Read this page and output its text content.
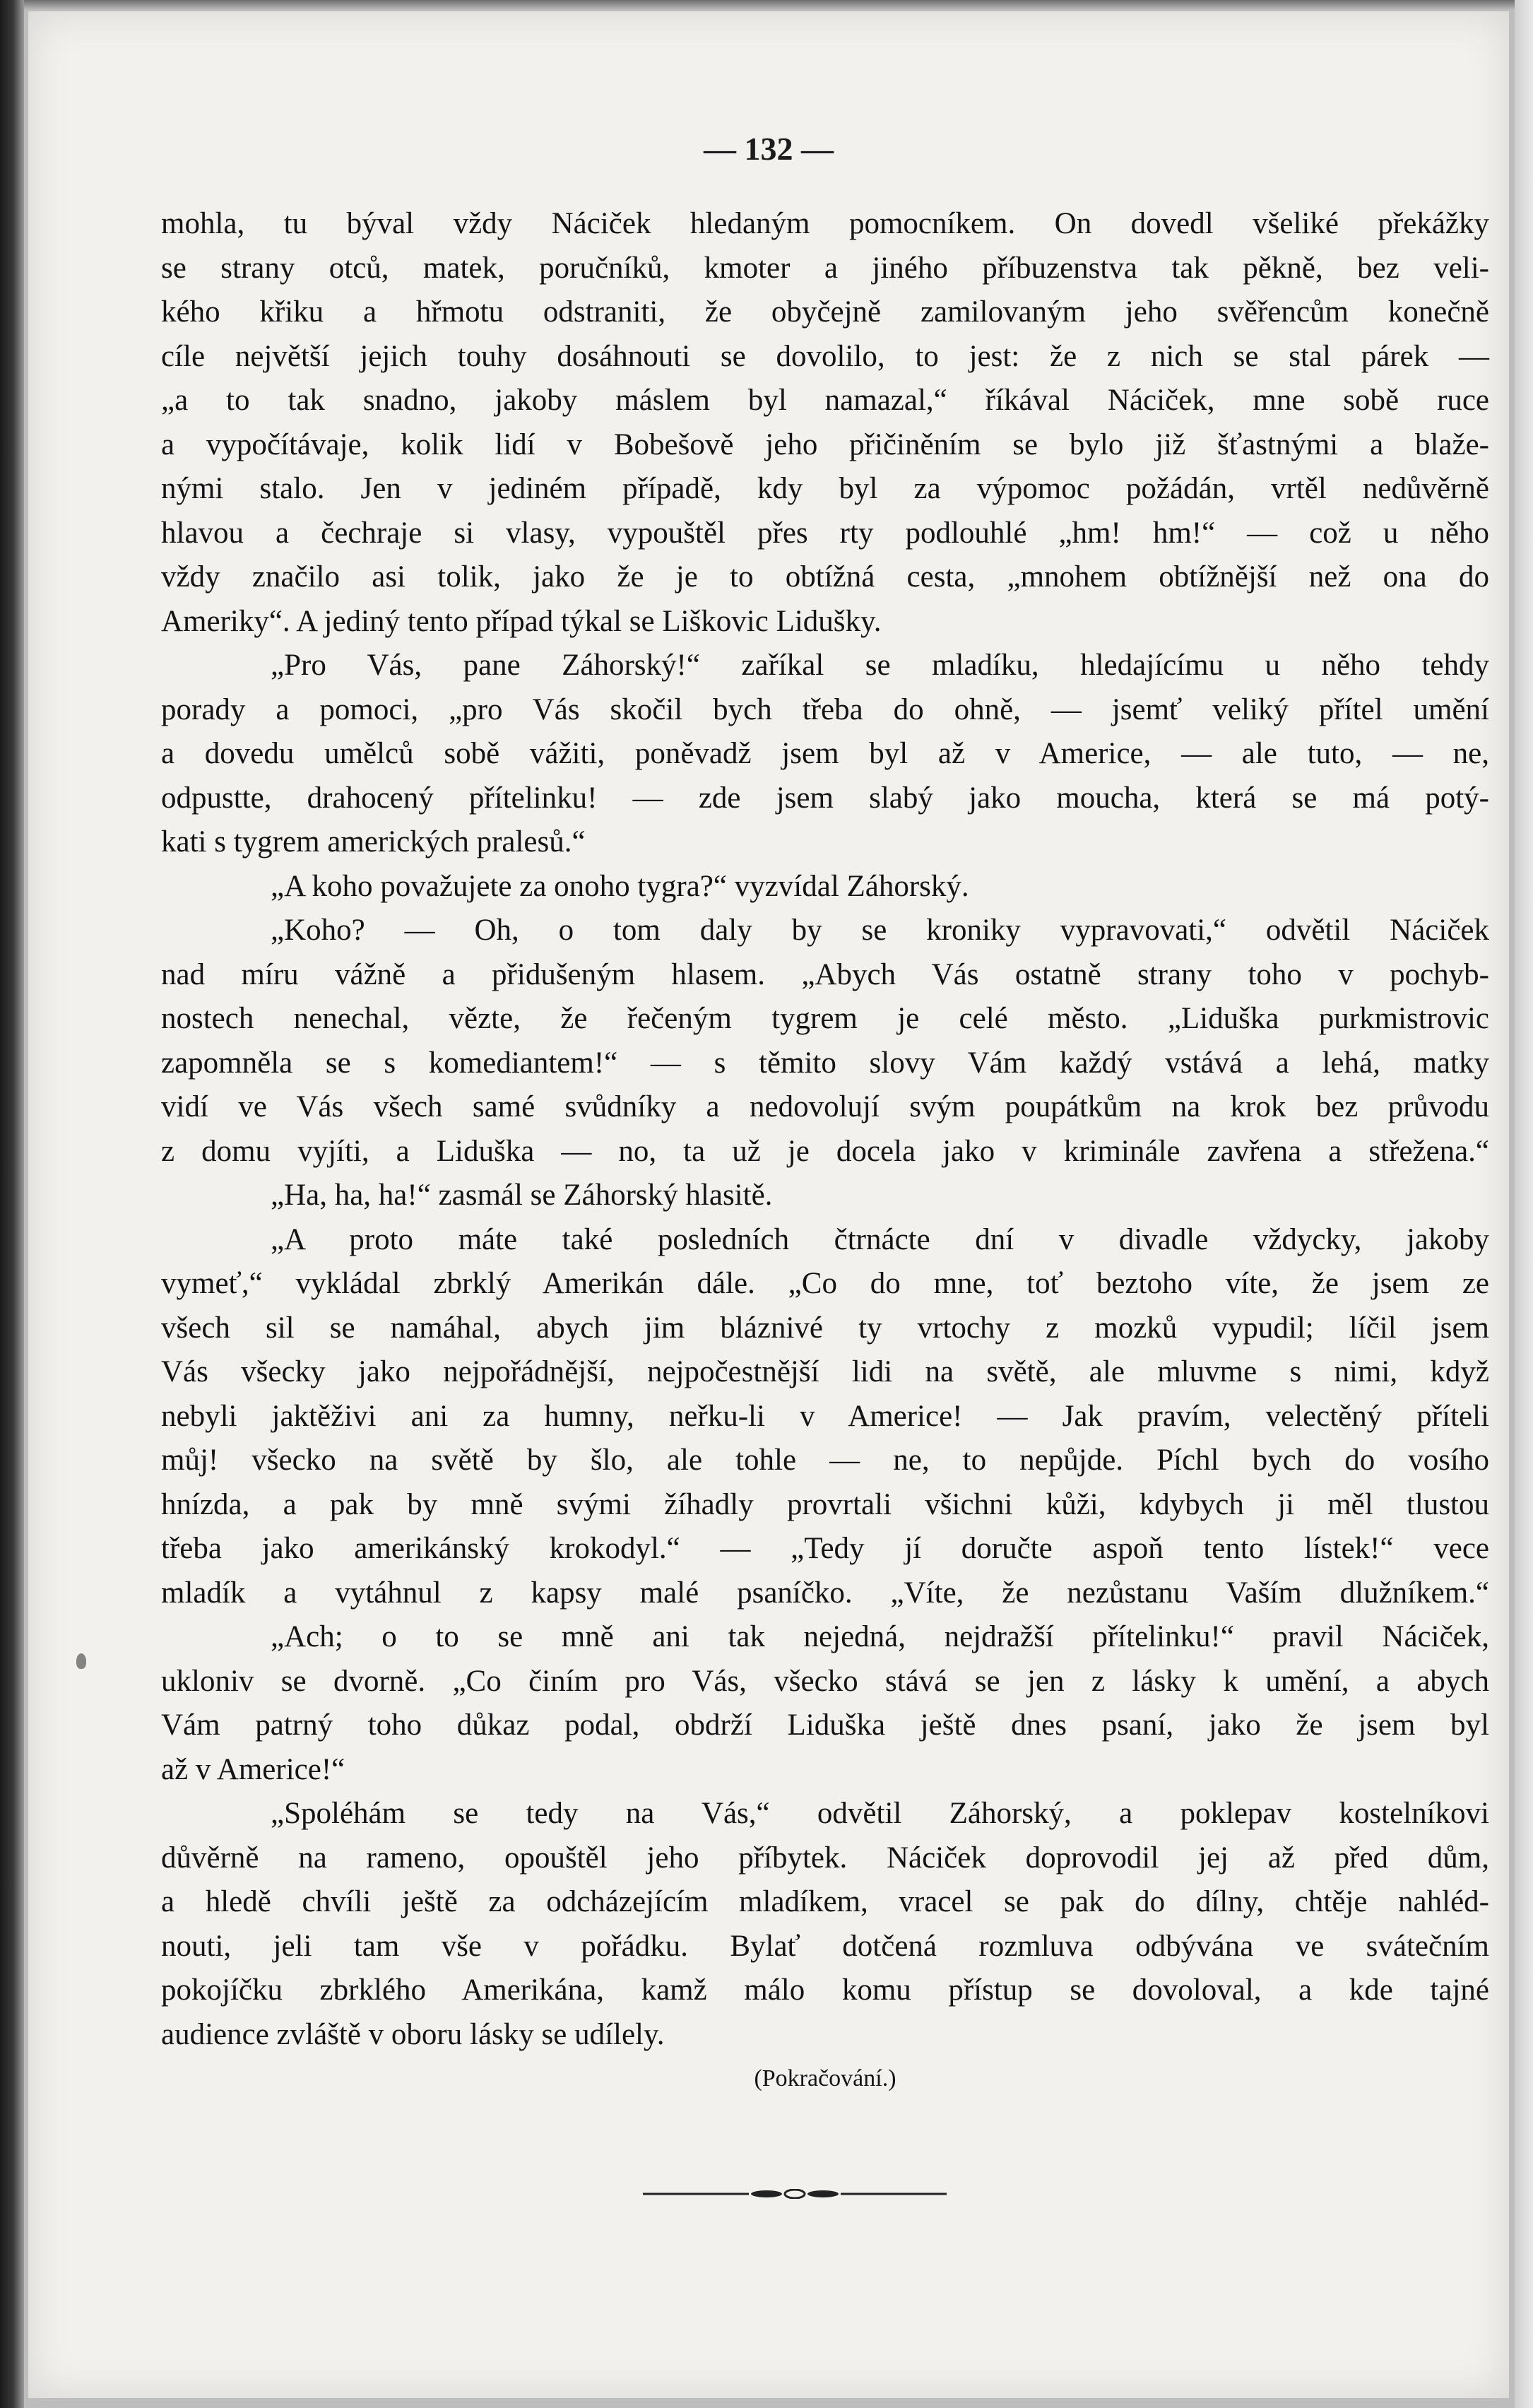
— 132 —
mohla, tu býval vždy Náciček hledaným pomocníkem. On dovedl všeliké překážky
se strany otců, matek, poručníků, kmoter a jiného příbuzenstva tak pěkně, bez veli-
kého křiku a hřmotu odstraniti, že obyčejně zamilovaným jeho svěřencům konečně
cíle největší jejich touhy dosáhnouti se dovolilo, to jest: že z nich se stal párek —
„a to tak snadno, jakoby máslem byl namazal,“ říkával Náciček, mne sobě ruce
a vypočítávaje, kolik lidí v Bobešově jeho přičiněním se bylo již šťastnými a blaže-
nými stalo. Jen v jediném případě, kdy byl za výpomoc požádán, vrtěl nedůvěrně
hlavou a čechraje si vlasy, vypouštěl přes rty podlouhlé „hm! hm!“ — což u něho
vždy značilo asi tolik, jako že je to obtížná cesta, „mnohem obtížnější než ona do
Ameriky“. A jediný tento případ týkal se Liškovic Lidušky.
„Pro Vás, pane Záhorský!“ zaříkal se mladíku, hledajícímu u něho tehdy
porady a pomoci, „pro Vás skočil bych třeba do ohně, — jsemť veliký přítel umění
a dovedu umělců sobě vážiti, poněvadž jsem byl až v Americe, — ale tuto, — ne,
odpustte, drahocený přítelinku! — zde jsem slabý jako moucha, která se má potý-
kati s tygrem amerických pralesů.“
„A koho považujete za onoho tygra?“ vyzvídal Záhorský.
„Koho? — Oh, o tom daly by se kroniky vypravovati,“ odvětil Náciček
nad míru vážně a přidušeným hlasem. „Abych Vás ostatně strany toho v pochyb-
nostech nenechal, vězte, že řečeným tygrem je celé město. „Liduška purkmistrovic
zapomněla se s komediantem!“ — s těmito slovy Vám každý vstává a lehá, matky
vidí ve Vás všech samé svůdníky a nedovolují svým poupátkům na krok bez průvodu
z domu vyjíti, a Liduška — no, ta už je docela jako v kriminále zavřena a střežena.“
„Ha, ha, ha!“ zasmál se Záhorský hlasitě.
„A proto máte také posledních čtrnácte dní v divadle vždycky, jakoby
vymeť,“ vykládal zbrklý Amerikán dále. „Co do mne, toť beztoho víte, že jsem ze
všech sil se namáhal, abych jim bláznivé ty vrtochy z mozků vypudil; líčil jsem
Vás všecky jako nejpořádnější, nejpočestnější lidi na světě, ale mluvme s nimi, když
nebyli jaktěživi ani za humny, neřku-li v Americe! — Jak pravím, velectěný příteli
můj! všecko na světě by šlo, ale tohle — ne, to nepůjde. Píchl bych do vosího
hnízda, a pak by mně svými žíhadly provrtali všichni kůži, kdybych ji měl tlustou
třeba jako amerikánský krokodyl.“ — „Tedy jí doručte aspoň tento lístek!“ vece
mladík a vytáhnul z kapsy malé psaníčko. „Víte, že nezůstanu Vaším dlužníkem.“
„Ach; o to se mně ani tak nejedná, nejdražší přítelinku!“ pravil Náciček,
ukloniv se dvorně. „Co činím pro Vás, všecko stává se jen z lásky k umění, a abych
Vám patrný toho důkaz podal, obdrží Liduška ještě dnes psaní, jako že jsem byl
až v Americe!“
„Spoléhám se tedy na Vás,“ odvětil Záhorský, a poklepav kostelníkovi
důvěrně na rameno, opouštěl jeho příbytek. Náciček doprovodil jej až před dům,
a hledě chvíli ještě za odcházejícím mladíkem, vracel se pak do dílny, chtěje nahléd-
nouti, jeli tam vše v pořádku. Bylať dotčená rozmluva odbývána ve svátečním
pokojíčku zbrklého Amerikána, kamž málo komu přístup se dovoloval, a kde tajné
audience zvláště v oboru lásky se udílely.
(Pokračování.)
